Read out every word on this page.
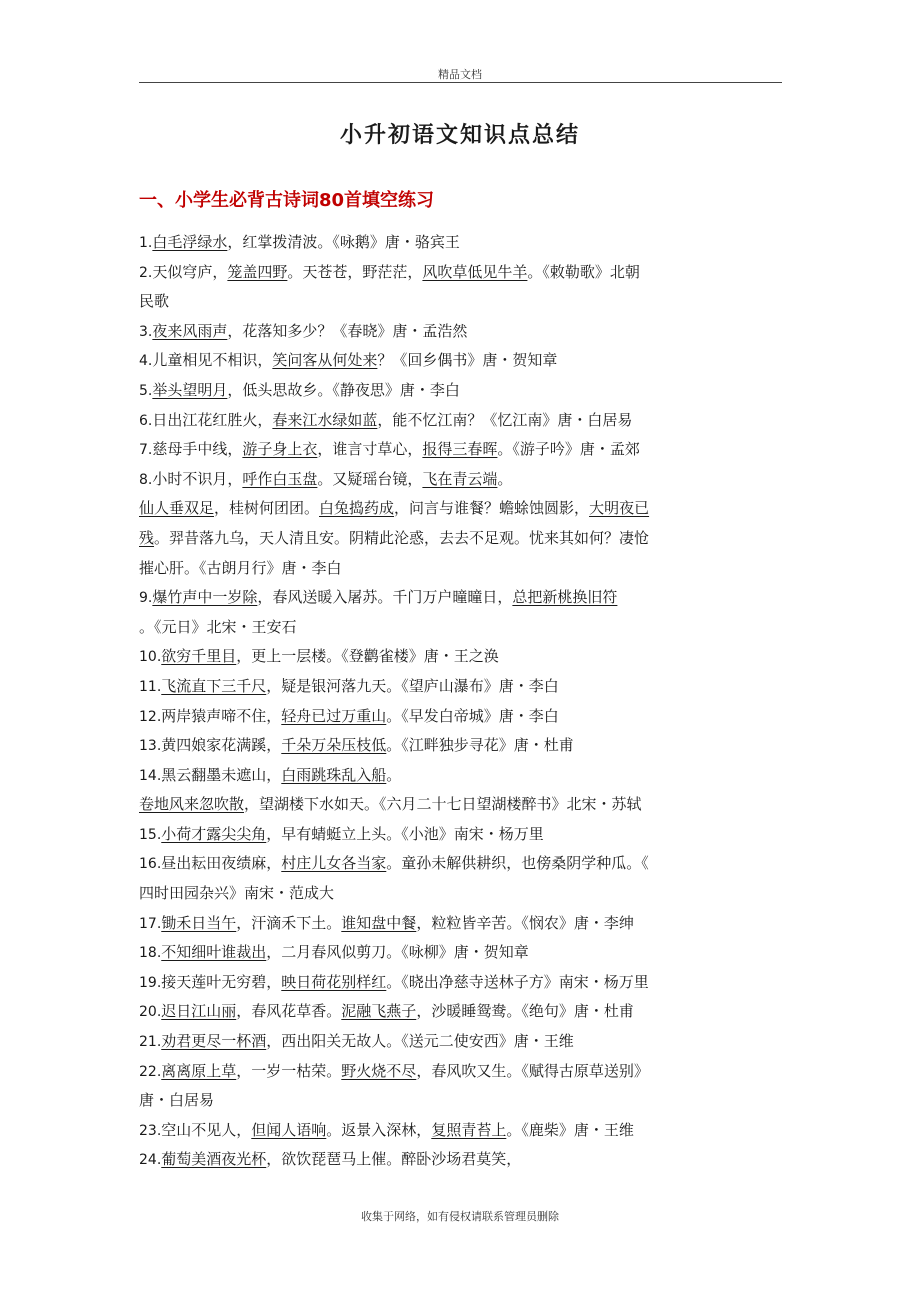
精品文档
小升初语文知识点总结
一、小学生必背古诗词80首填空练习
1.白毛浮绿水，红掌拨清波。《咏鹅》唐・骆宾王
2.天似穹庐，笼盖四野。天苍苍，野茫茫，风吹草低见牛羊。《敕勒歌》北朝
民歌
3.夜来风雨声，花落知多少？《春晓》唐・孟浩然
4.儿童相见不相识，笑问客从何处来？《回乡偶书》唐・贺知章
5.举头望明月，低头思故乡。《静夜思》唐・李白
6.日出江花红胜火，春来江水绿如蓝，能不忆江南？《忆江南》唐・白居易
7.慈母手中线，游子身上衣，谁言寸草心，报得三春晖。《游子吟》唐・孟郊
8.小时不识月，呼作白玉盘。又疑瑶台镜，飞在青云端。
仙人垂双足，桂树何团团。白兔捣药成，问言与谁餐？蟾蜍蚀圆影，大明夜已
残。羿昔落九乌，天人清且安。阴精此沦惑，去去不足观。忧来其如何？凄怆
摧心肝。《古朗月行》唐・李白
9.爆竹声中一岁除，春风送暖入屠苏。千门万户曈曈日，总把新桃换旧符
。《元日》北宋・王安石
10.欲穷千里目，更上一层楼。《登鹳雀楼》唐・王之涣
11.飞流直下三千尺，疑是银河落九天。《望庐山瀑布》唐・李白
12.两岸猿声啼不住，轻舟已过万重山。《早发白帝城》唐・李白
13.黄四娘家花满蹊，千朵万朵压枝低。《江畔独步寻花》唐・杜甫
14.黑云翻墨未遮山，白雨跳珠乱入船。
卷地风来忽吹散，望湖楼下水如天。《六月二十七日望湖楼醉书》北宋・苏轼
15.小荷才露尖尖角，早有蜻蜓立上头。《小池》南宋・杨万里
16.昼出耘田夜绩麻，村庄儿女各当家。童孙未解供耕织，也傍桑阴学种瓜。《
四时田园杂兴》南宋・范成大
17.锄禾日当午，汗滴禾下土。谁知盘中餐，粒粒皆辛苦。《悯农》唐・李绅
18.不知细叶谁裁出，二月春风似剪刀。《咏柳》唐・贺知章
19.接天莲叶无穷碧，映日荷花别样红。《晓出净慈寺送林子方》南宋・杨万里
20.迟日江山丽，春风花草香。泥融飞燕子，沙暖睡鸳鸯。《绝句》唐・杜甫
21.劝君更尽一杯酒，西出阳关无故人。《送元二使安西》唐・王维
22.离离原上草，一岁一枯荣。野火烧不尽，春风吹又生。《赋得古原草送别》
唐・白居易
23.空山不见人，但闻人语响。返景入深林，复照青苔上。《鹿柴》唐・王维
24.葡萄美酒夜光杯，欲饮琵琶马上催。醉卧沙场君莫笑，
收集于网络，如有侵权请联系管理员删除
